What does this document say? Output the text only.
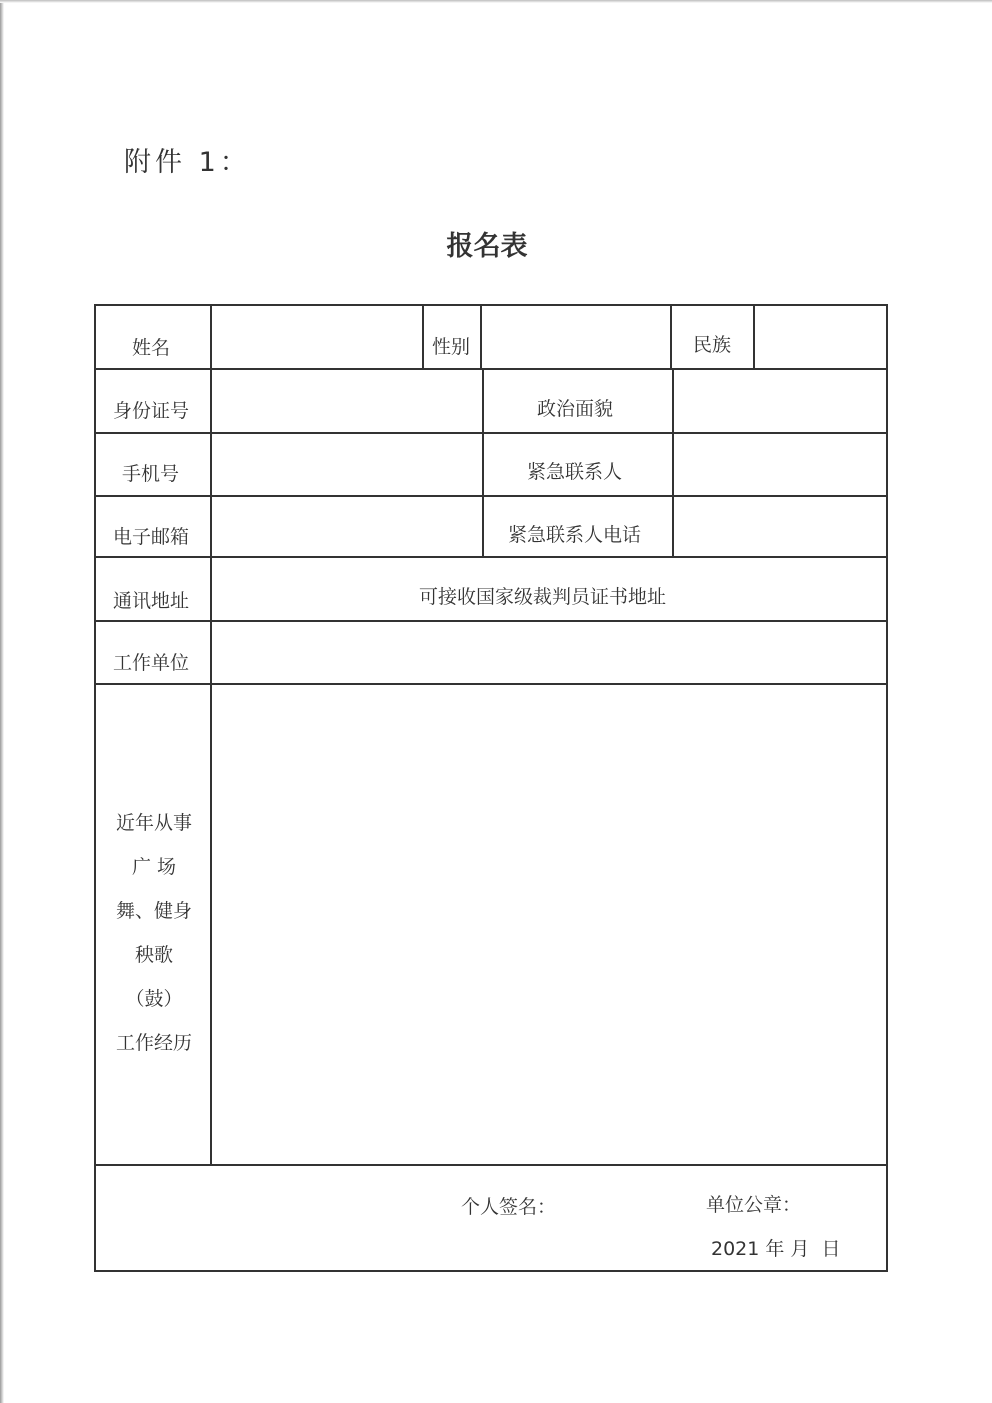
附件 1：
报名表
姓名	性别	民族
身份证号	政治面貌
手机号	紧急联系人
电子邮箱	紧急联系人电话
通讯地址	可接收国家级裁判员证书地址
工作单位
近年从事
广 场
舞、健身
秧歌
（鼓）
工作经历
个人签名：	单位公章：
2021 年 月  日
